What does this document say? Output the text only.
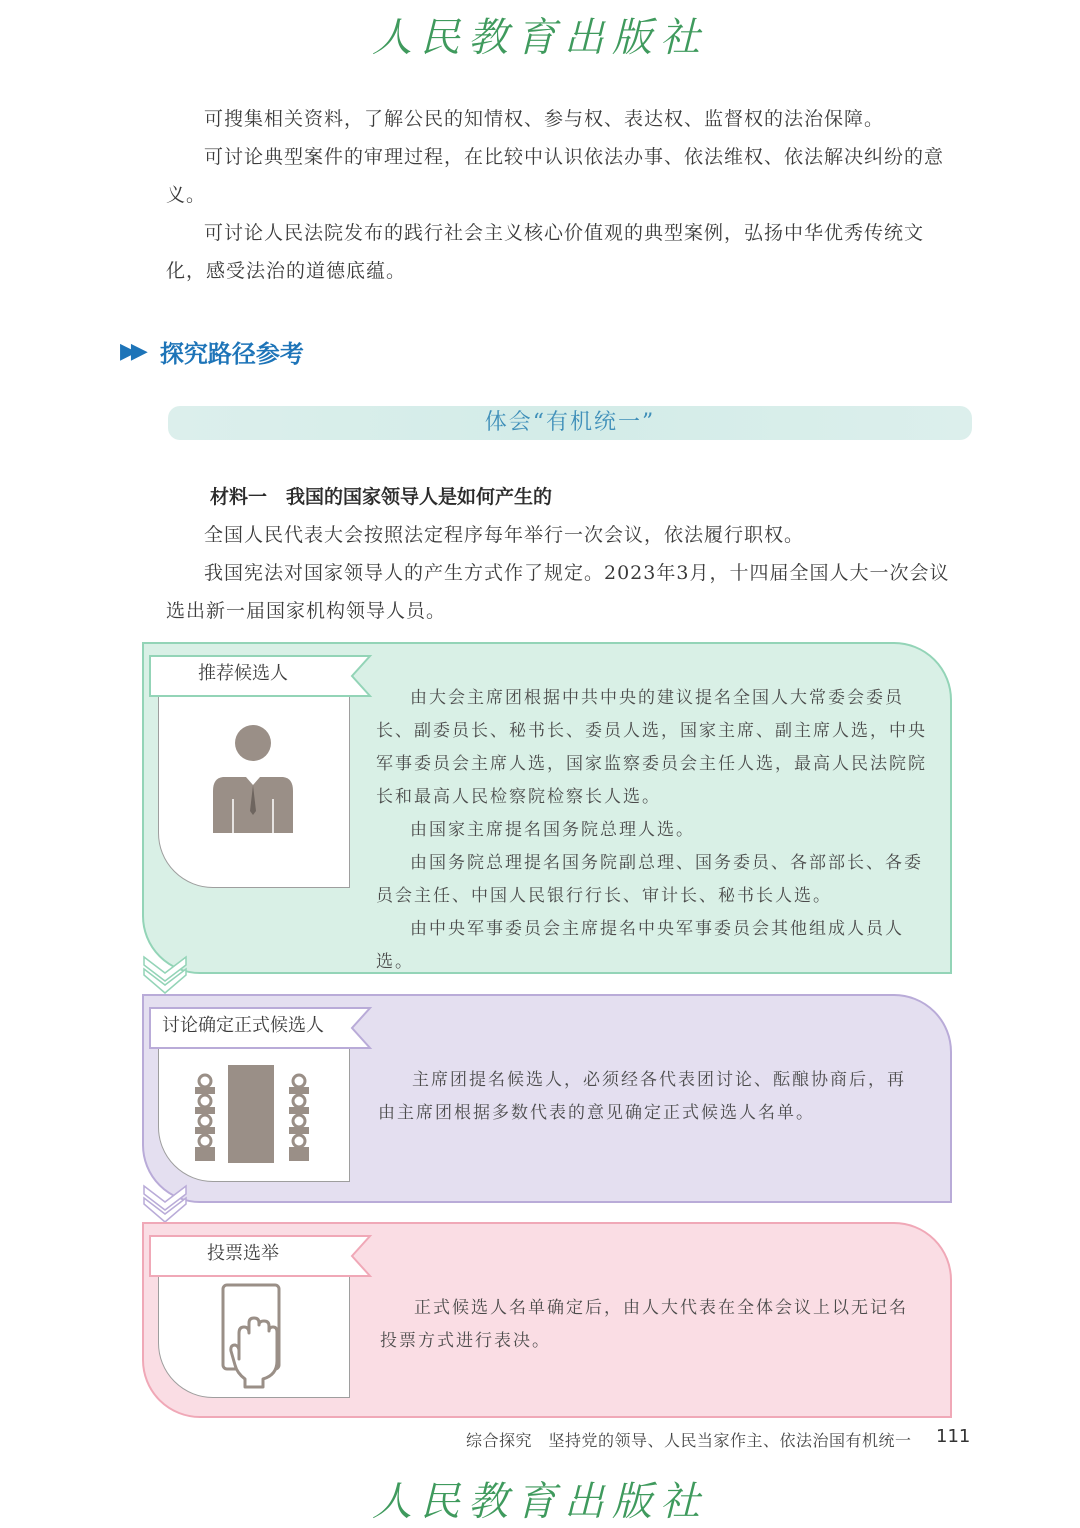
人民教育出版社

可搜集相关资料，了解公民的知情权、参与权、表达权、监督权的法治保障。

可讨论典型案件的审理过程，在比较中认识依法办事、依法维权、依法解决纠纷的意义。

可讨论人民法院发布的践行社会主义核心价值观的典型案例，弘扬中华优秀传统文化，感受法治的道德底蕴。

▶▶ 探究路径参考
体会“有机统一”
材料一　我国的国家领导人是如何产生的

全国人民代表大会按照法定程序每年举行一次会议，依法履行职权。

我国宪法对国家领导人的产生方式作了规定。2023年3月，十四届全国人大一次会议选出新一届国家机构领导人员。

推荐候选人

由大会主席团根据中共中央的建议提名全国人大常委会委员长、副委员长、秘书长、委员人选，国家主席、副主席人选，中央军事委员会主席人选，国家监察委员会主任人选，最高人民法院院长和最高人民检察院检察长人选。

由国家主席提名国务院总理人选。

由国务院总理提名国务院副总理、国务委员、各部部长、各委员会主任、中国人民银行行长、审计长、秘书长人选。

由中央军事委员会主席提名中央军事委员会其他组成人员人选。

讨论确定正式候选人

主席团提名候选人，必须经各代表团讨论、酝酿协商后，再由主席团根据多数代表的意见确定正式候选人名单。

投票选举

正式候选人名单确定后，由人大代表在全体会议上以无记名投票方式进行表决。

综合探究　坚持党的领导、人民当家作主、依法治国有机统一 111
人民教育出版社
